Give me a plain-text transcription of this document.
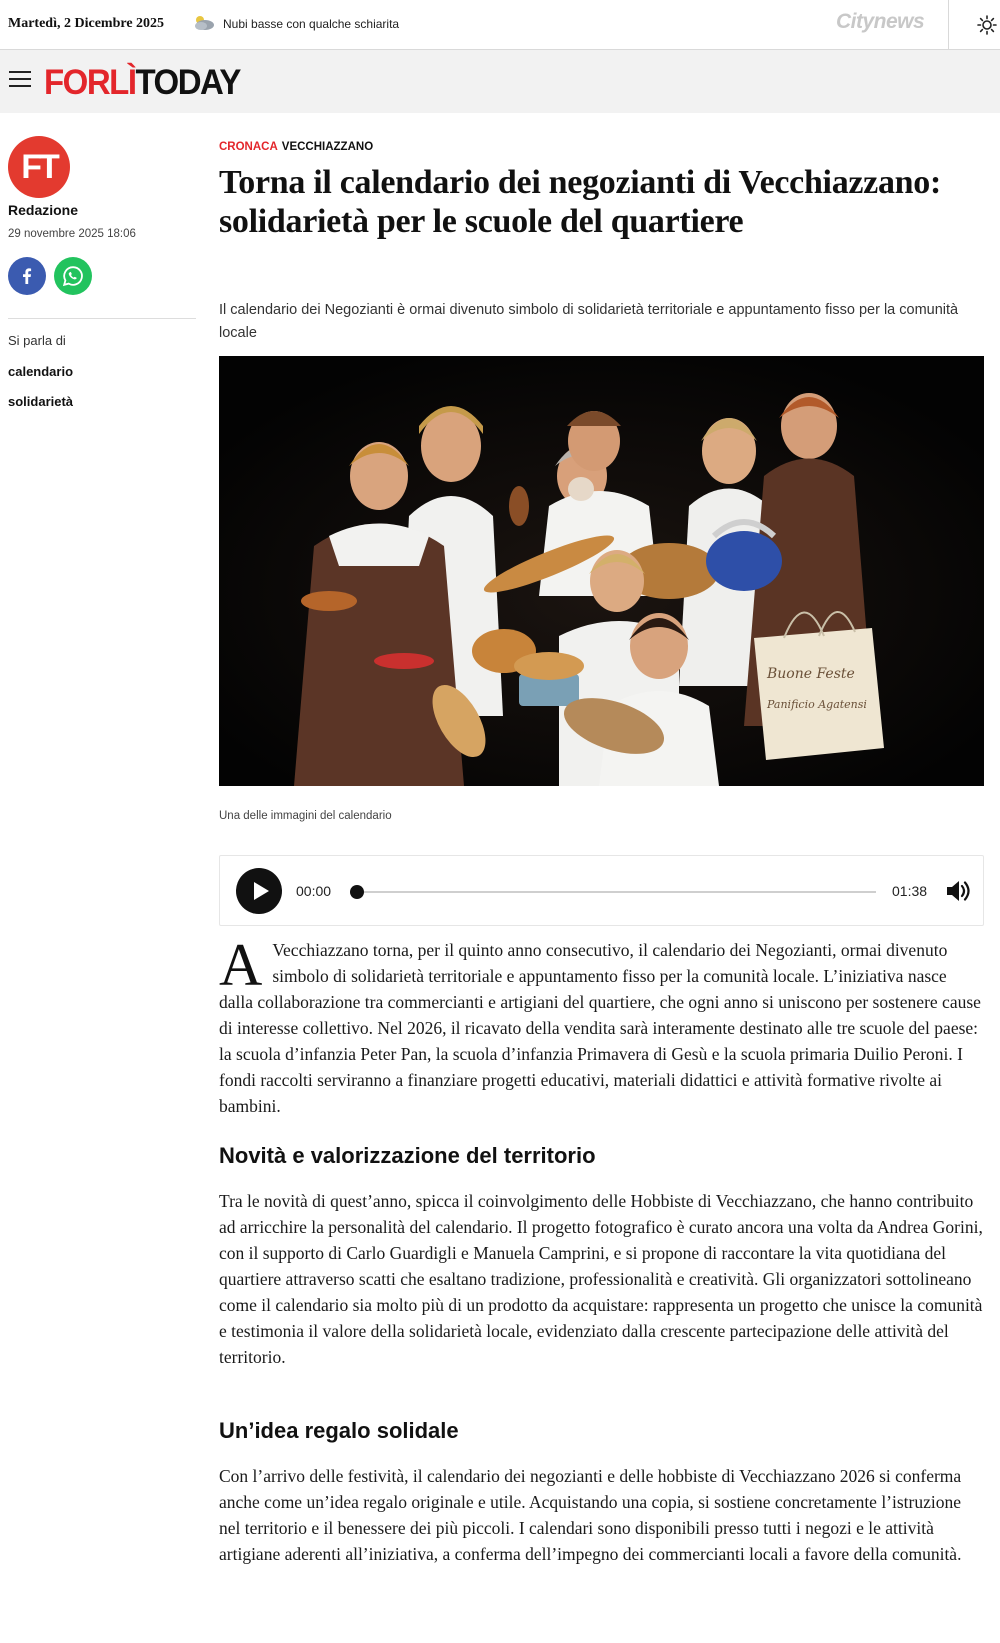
Martedì, 2 Dicembre 2025	Nubi basse con qualche schiarita	Citynews
FORLÌTODAY
FT
Redazione
29 novembre 2025 18:06
Si parla di
calendario
solidarietà
CRONACA VECCHIAZZANO
Torna il calendario dei negozianti di Vecchiazzano: solidarietà per le scuole del quartiere

Il calendario dei Negozianti è ormai divenuto simbolo di solidarietà territoriale e appuntamento fisso per la comunità locale

Buone Feste
Panificio Agatensi
Una delle immagini del calendario
00:00	01:38
A Vecchiazzano torna, per il quinto anno consecutivo, il calendario dei Negozianti, ormai divenuto simbolo di solidarietà territoriale e appuntamento fisso per la comunità locale. L’iniziativa nasce dalla collaborazione tra commercianti e artigiani del quartiere, che ogni anno si uniscono per sostenere cause di interesse collettivo. Nel 2026, il ricavato della vendita sarà interamente destinato alle tre scuole del paese: la scuola d’infanzia Peter Pan, la scuola d’infanzia Primavera di Gesù e la scuola primaria Duilio Peroni. I fondi raccolti serviranno a finanziare progetti educativi, materiali didattici e attività formative rivolte ai bambini.
Novità e valorizzazione del territorio

Tra le novità di quest’anno, spicca il coinvolgimento delle Hobbiste di Vecchiazzano, che hanno contribuito ad arricchire la personalità del calendario. Il progetto fotografico è curato ancora una volta da Andrea Gorini, con il supporto di Carlo Guardigli e Manuela Camprini, e si propone di raccontare la vita quotidiana del quartiere attraverso scatti che esaltano tradizione, professionalità e creatività. Gli organizzatori sottolineano come il calendario sia molto più di un prodotto da acquistare: rappresenta un progetto che unisce la comunità e testimonia il valore della solidarietà locale, evidenziato dalla crescente partecipazione delle attività del territorio.

Un’idea regalo solidale

Con l’arrivo delle festività, il calendario dei negozianti e delle hobbiste di Vecchiazzano 2026 si conferma anche come un’idea regalo originale e utile. Acquistando una copia, si sostiene concretamente l’istruzione nel territorio e il benessere dei più piccoli. I calendari sono disponibili presso tutti i negozi e le attività artigiane aderenti all’iniziativa, a conferma dell’impegno dei commercianti locali a favore della comunità.
